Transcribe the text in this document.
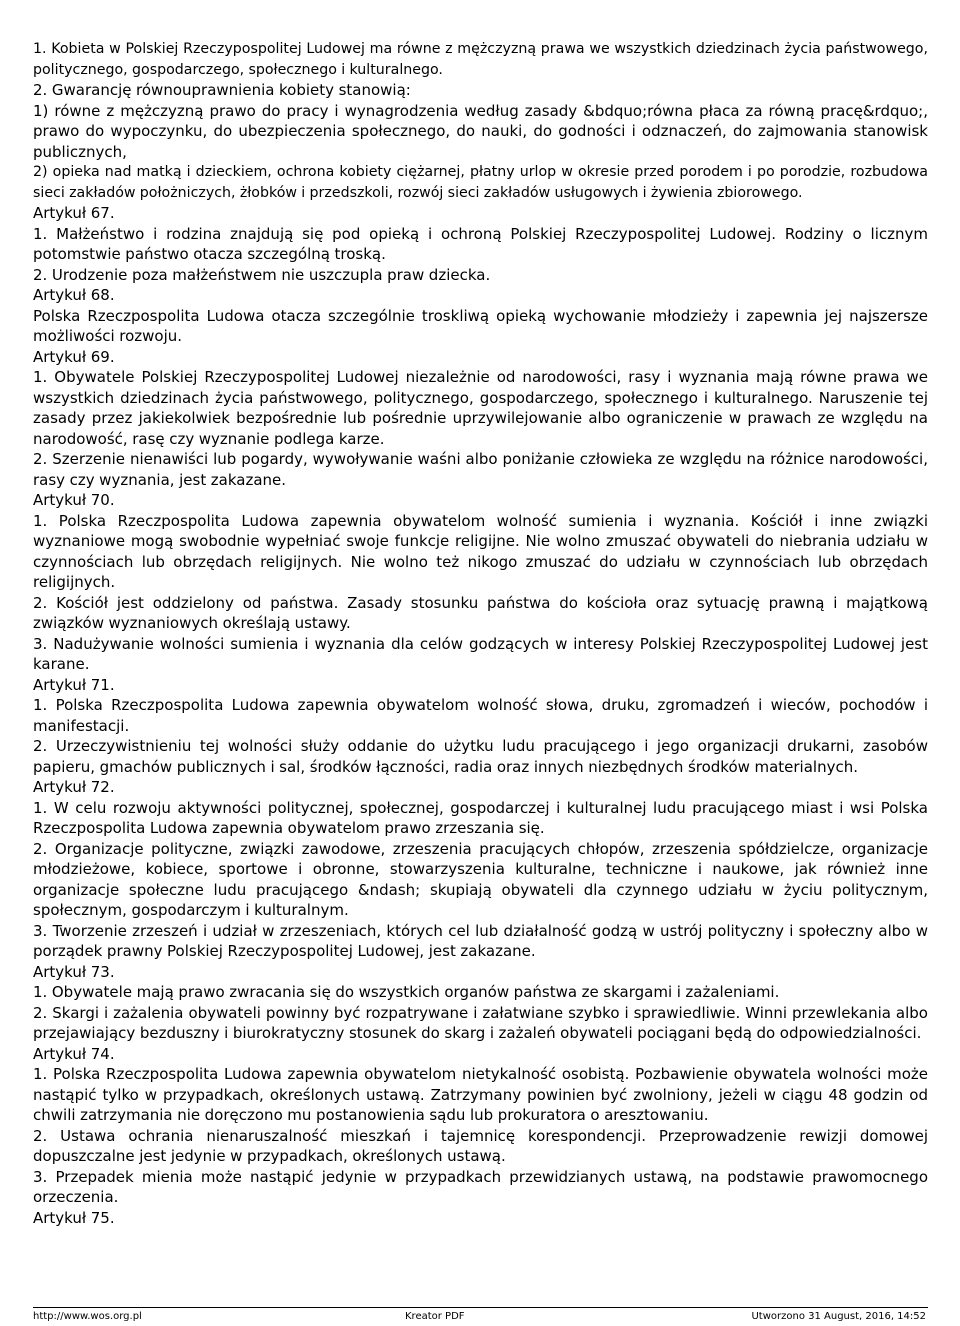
1. Kobieta w Polskiej Rzeczypospolitej Ludowej ma równe z mężczyzną prawa we wszystkich dziedzinach życia państwowego, politycznego, gospodarczego, społecznego i kulturalnego.

2. Gwarancję równouprawnienia kobiety stanowią:

1) równe z mężczyzną prawo do pracy i wynagrodzenia według zasady &bdquo;równa płaca za równą pracę&rdquo;, prawo do wypoczynku, do ubezpieczenia społecznego, do nauki, do godności i odznaczeń, do zajmowania stanowisk publicznych,

2) opieka nad matką i dzieckiem, ochrona kobiety ciężarnej, płatny urlop w okresie przed porodem i po porodzie, rozbudowa sieci zakładów położniczych, żłobków i przedszkoli, rozwój sieci zakładów usługowych i żywienia zbiorowego.

Artykuł 67.

1. Małżeństwo i rodzina znajdują się pod opieką i ochroną Polskiej Rzeczypospolitej Ludowej. Rodziny o licznym potomstwie państwo otacza szczególną troską.

2. Urodzenie poza małżeństwem nie uszczupla praw dziecka.

Artykuł 68.

Polska Rzeczpospolita Ludowa otacza szczególnie troskliwą opieką wychowanie młodzieży i zapewnia jej najszersze możliwości rozwoju.

Artykuł 69.

1. Obywatele Polskiej Rzeczypospolitej Ludowej niezależnie od narodowości, rasy i wyznania mają równe prawa we wszystkich dziedzinach życia państwowego, politycznego, gospodarczego, społecznego i kulturalnego. Naruszenie tej zasady przez jakiekolwiek bezpośrednie lub pośrednie uprzywilejowanie albo ograniczenie w prawach ze względu na narodowość, rasę czy wyznanie podlega karze.

2. Szerzenie nienawiści lub pogardy, wywoływanie waśni albo poniżanie człowieka ze względu na różnice narodowości, rasy czy wyznania, jest zakazane.

Artykuł 70.

1. Polska Rzeczpospolita Ludowa zapewnia obywatelom wolność sumienia i wyznania. Kościół i inne związki wyznaniowe mogą swobodnie wypełniać swoje funkcje religijne. Nie wolno zmuszać obywateli do niebrania udziału w czynnościach lub obrzędach religijnych. Nie wolno też nikogo zmuszać do udziału w czynnościach lub obrzędach religijnych.

2. Kościół jest oddzielony od państwa. Zasady stosunku państwa do kościoła oraz sytuację prawną i majątkową związków wyznaniowych określają ustawy.

3. Nadużywanie wolności sumienia i wyznania dla celów godzących w interesy Polskiej Rzeczypospolitej Ludowej jest karane.

Artykuł 71.

1. Polska Rzeczpospolita Ludowa zapewnia obywatelom wolność słowa, druku, zgromadzeń i wieców, pochodów i manifestacji.

2. Urzeczywistnieniu tej wolności służy oddanie do użytku ludu pracującego i jego organizacji drukarni, zasobów papieru, gmachów publicznych i sal, środków łączności, radia oraz innych niezbędnych środków materialnych.

Artykuł 72.

1. W celu rozwoju aktywności politycznej, społecznej, gospodarczej i kulturalnej ludu pracującego miast i wsi Polska Rzeczpospolita Ludowa zapewnia obywatelom prawo zrzeszania się.

2. Organizacje polityczne, związki zawodowe, zrzeszenia pracujących chłopów, zrzeszenia spółdzielcze, organizacje młodzieżowe, kobiece, sportowe i obronne, stowarzyszenia kulturalne, techniczne i naukowe, jak również inne organizacje społeczne ludu pracującego &ndash; skupiają obywateli dla czynnego udziału w życiu politycznym, społecznym, gospodarczym i kulturalnym.

3. Tworzenie zrzeszeń i udział w zrzeszeniach, których cel lub działalność godzą w ustrój polityczny i społeczny albo w porządek prawny Polskiej Rzeczypospolitej Ludowej, jest zakazane.

Artykuł 73.

1. Obywatele mają prawo zwracania się do wszystkich organów państwa ze skargami i zażaleniami.

2. Skargi i zażalenia obywateli powinny być rozpatrywane i załatwiane szybko i sprawiedliwie. Winni przewlekania albo przejawiający bezduszny i biurokratyczny stosunek do skarg i zażaleń obywateli pociągani będą do odpowiedzialności.

Artykuł 74.

1. Polska Rzeczpospolita Ludowa zapewnia obywatelom nietykalność osobistą. Pozbawienie obywatela wolności może nastąpić tylko w przypadkach, określonych ustawą. Zatrzymany powinien być zwolniony, jeżeli w ciągu 48 godzin od chwili zatrzymania nie doręczono mu postanowienia sądu lub prokuratora o aresztowaniu.

2. Ustawa ochrania nienaruszalność mieszkań i tajemnicę korespondencji. Przeprowadzenie rewizji domowej dopuszczalne jest jedynie w przypadkach, określonych ustawą.

3. Przepadek mienia może nastąpić jedynie w przypadkach przewidzianych ustawą, na podstawie prawomocnego orzeczenia.

Artykuł 75.

http://www.wos.org.pl	Kreator PDF	Utworzono 31 August, 2016, 14:52
